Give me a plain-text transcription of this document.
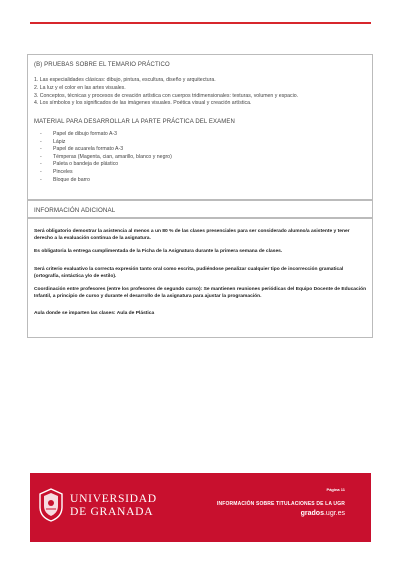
(B) PRUEBAS SOBRE EL TEMARIO PRÁCTICO
1. Las especialidades clásicas: dibujo, pintura, escultura, diseño y arquitectura.
2. La luz y el color en las artes visuales.
3. Conceptos, técnicas y procesos de creación artística con cuerpos tridimensionales: texturas, volumen y espacio.
4. Los símbolos y los significados de las imágenes visuales. Poética visual y creación artística.
MATERIAL PARA DESARROLLAR LA PARTE PRÁCTICA DEL EXAMEN
- Papel de dibujo formato A-3
- Lápiz
- Papel de acuarela formato A-3
- Témperas (Magenta, cian, amarillo, blanco y negro)
- Paleta o bandeja de plástico
- Pinceles
- Bloque de barro
INFORMACIÓN ADICIONAL

Será obligatorio demostrar la asistencia al menos a un 80 % de las clases presenciales para ser considerado alumno/a asistente y tener derecho a la evaluación continua de la asignatura.

Es obligatoria la entrega cumplimentada de la Ficha de la Asignatura durante la primera semana de clases.

Será criterio evaluativo la correcta expresión tanto oral como escrita, pudiéndose penalizar cualquier tipo de incorrección gramatical (ortografía, sintáctica y/o de estilo).

Coordinación entre profesores (entre los profesores de segundo curso): Se mantienen reuniones periódicas del Equipo Docente de Educación Infantil, a principio de curso y durante el desarrollo de la asignatura para ajustar la programación.

Aula donde se imparten las clases: Aula de Plástica

UNIVERSIDAD
DE GRANADA
Página 11
INFORMACIÓN SOBRE TITULACIONES DE LA UGR
grados.ugr.es
